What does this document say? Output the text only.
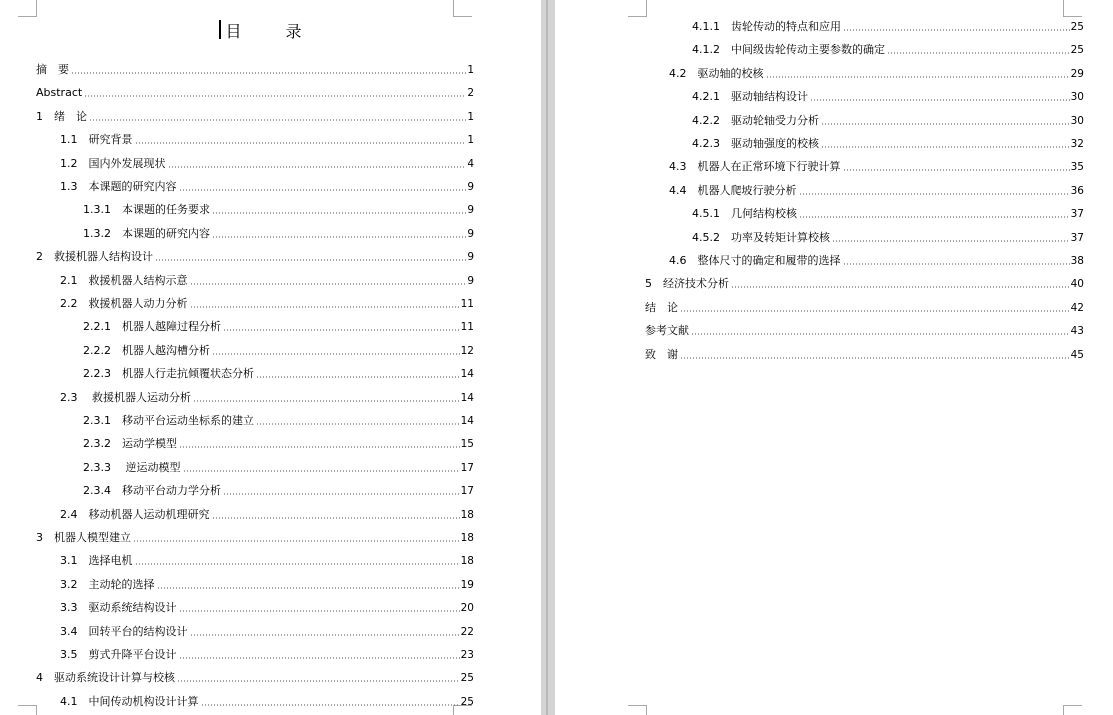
目　录
摘　要	1
Abstract	2
1　绪　论	1
1.1　研究背景	1
1.2　国内外发展现状	4
1.3　本课题的研究内容	9
1.3.1　本课题的任务要求	9
1.3.2　本课题的研究内容	9
2　救援机器人结构设计	9
2.1　救援机器人结构示意	9
2.2　救援机器人动力分析	11
2.2.1　机器人越障过程分析	11
2.2.2　机器人越沟槽分析	12
2.2.3　机器人行走抗倾覆状态分析	14
2.3　 救援机器人运动分析	14
2.3.1　移动平台运动坐标系的建立	14
2.3.2　运动学模型	15
2.3.3　 逆运动模型	17
2.3.4　移动平台动力学分析	17
2.4　移动机器人运动机理研究	18
3　机器人模型建立	18
3.1　选择电机	18
3.2　主动轮的选择	19
3.3　驱动系统结构设计	20
3.4　回转平台的结构设计	22
3.5　剪式升降平台设计	23
4　驱动系统设计计算与校核	25
4.1　中间传动机构设计计算	25
4.1.1　齿轮传动的特点和应用	25
4.1.2　中间级齿轮传动主要参数的确定	25
4.2　驱动轴的校核	29
4.2.1　驱动轴结构设计	30
4.2.2　驱动轮轴受力分析	30
4.2.3　驱动轴强度的校核	32
4.3　机器人在正常环境下行驶计算	35
4.4　机器人爬坡行驶分析	36
4.5.1　几何结构校核	37
4.5.2　功率及转矩计算校核	37
4.6　整体尺寸的确定和履带的选择	38
5　经济技术分析	40
结　论	42
参考文献	43
致　谢	45
